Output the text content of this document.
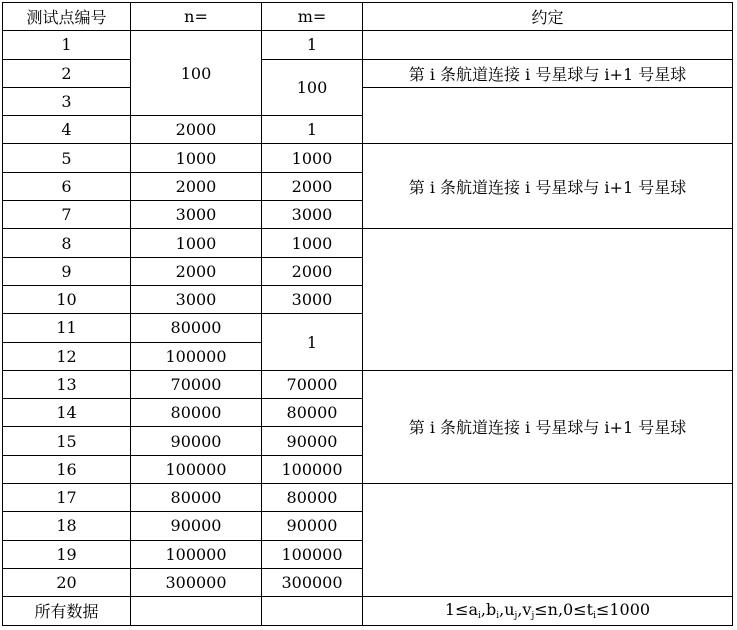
测试点编号	n=	m=	约定
1	100	1	
2		100	第 i 条航道连接 i 号星球与 i+1 号星球
3			
4	2000	1	
5	1000	1000	第 i 条航道连接 i 号星球与 i+1 号星球
6	2000	2000	
7	3000	3000	
8	1000	1000	
9	2000	2000	
10	3000	3000	
11	80000	1	
12	100000		
13	70000	70000	第 i 条航道连接 i 号星球与 i+1 号星球
14	80000	80000	
15	90000	90000	
16	100000	100000	
17	80000	80000	
18	90000	90000	
19	100000	100000	
20	300000	300000	
所有数据			$1\le a_i,b_i,u_j,v_j\le n,0\le t_i\le 1000$
